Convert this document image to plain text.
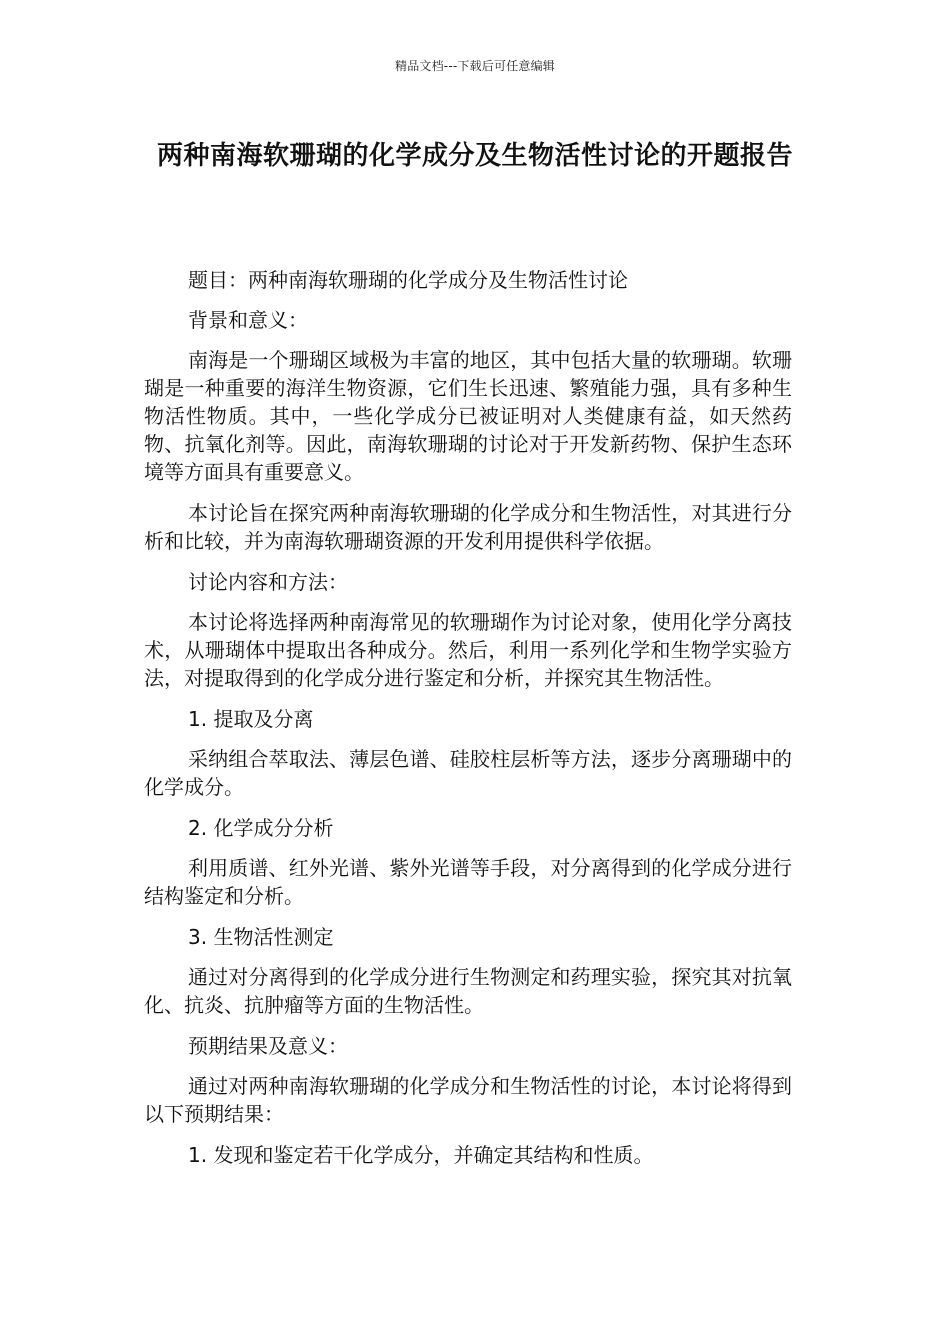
精品文档---下载后可任意编辑
两种南海软珊瑚的化学成分及生物活性讨论的开题报告

题目：两种南海软珊瑚的化学成分及生物活性讨论

背景和意义：

南海是一个珊瑚区域极为丰富的地区，其中包括大量的软珊瑚。软珊瑚是一种重要的海洋生物资源，它们生长迅速、繁殖能力强，具有多种生物活性物质。其中，一些化学成分已被证明对人类健康有益，如天然药物、抗氧化剂等。因此，南海软珊瑚的讨论对于开发新药物、保护生态环境等方面具有重要意义。

本讨论旨在探究两种南海软珊瑚的化学成分和生物活性，对其进行分析和比较，并为南海软珊瑚资源的开发利用提供科学依据。

讨论内容和方法：

本讨论将选择两种南海常见的软珊瑚作为讨论对象，使用化学分离技术，从珊瑚体中提取出各种成分。然后，利用一系列化学和生物学实验方法，对提取得到的化学成分进行鉴定和分析，并探究其生物活性。

1. 提取及分离

采纳组合萃取法、薄层色谱、硅胶柱层析等方法，逐步分离珊瑚中的化学成分。

2. 化学成分分析

利用质谱、红外光谱、紫外光谱等手段，对分离得到的化学成分进行结构鉴定和分析。

3. 生物活性测定

通过对分离得到的化学成分进行生物测定和药理实验，探究其对抗氧化、抗炎、抗肿瘤等方面的生物活性。

预期结果及意义：

通过对两种南海软珊瑚的化学成分和生物活性的讨论，本讨论将得到以下预期结果：

1. 发现和鉴定若干化学成分，并确定其结构和性质。
